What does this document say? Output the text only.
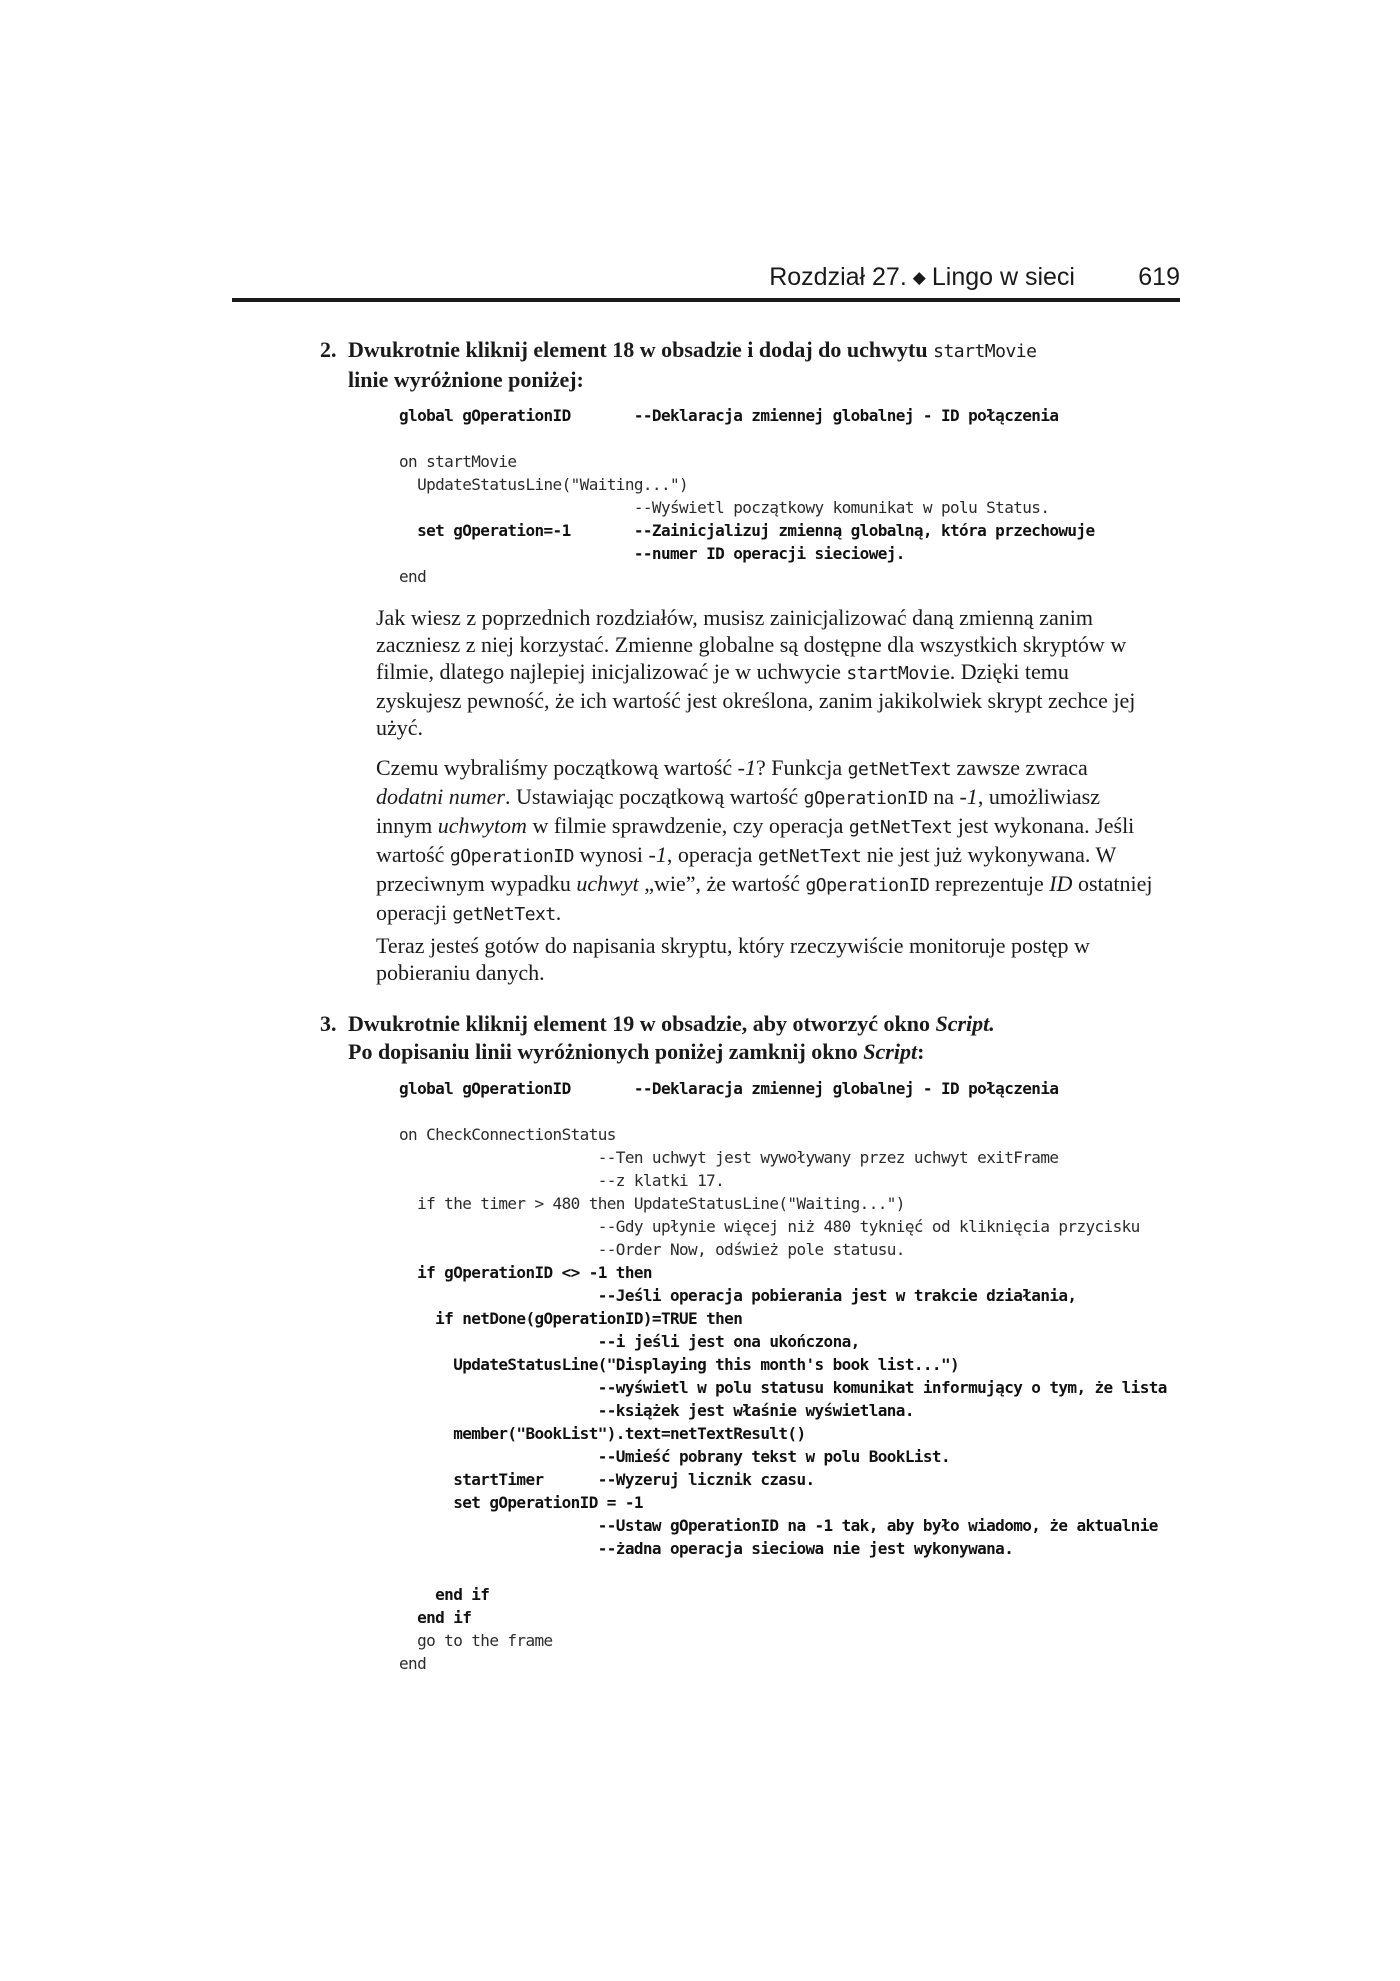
Rozdział 27. ◆ Lingo w sieci	619
2. Dwukrotnie kliknij element 18 w obsadzie i dodaj do uchwytu startMovie
linie wyróżnione poniżej:
global gOperationID       --Deklaracja zmiennej globalnej - ID połączenia
on startMovie
UpdateStatusLine("Waiting...")
--Wyświetl początkowy komunikat w polu Status.
set gOperation=-1       --Zainicjalizuj zmienną globalną, która przechowuje
--numer ID operacji sieciowej.
end

Jak wiesz z poprzednich rozdziałów, musisz zainicjalizować daną zmienną zanim zaczniesz z niej korzystać. Zmienne globalne są dostępne dla wszystkich skryptów w filmie, dlatego najlepiej inicjalizować je w uchwycie startMovie. Dzięki temu zyskujesz pewność, że ich wartość jest określona, zanim jakikolwiek skrypt zechce jej użyć.

Czemu wybraliśmy początkową wartość -1? Funkcja getNetText zawsze zwraca dodatni numer. Ustawiając początkową wartość gOperationID na -1, umożliwiasz innym uchwytom w filmie sprawdzenie, czy operacja getNetText jest wykonana. Jeśli wartość gOperationID wynosi -1, operacja getNetText nie jest już wykonywana. W przeciwnym wypadku uchwyt „wie”, że wartość gOperationID reprezentuje ID ostatniej operacji getNetText.

Teraz jesteś gotów do napisania skryptu, który rzeczywiście monitoruje postęp w pobieraniu danych.

3. Dwukrotnie kliknij element 19 w obsadzie, aby otworzyć okno Script.
Po dopisaniu linii wyróżnionych poniżej zamknij okno Script:
global gOperationID       --Deklaracja zmiennej globalnej - ID połączenia
on CheckConnectionStatus
--Ten uchwyt jest wywoływany przez uchwyt exitFrame
--z klatki 17.
if the timer > 480 then UpdateStatusLine("Waiting...")
--Gdy upłynie więcej niż 480 tyknięć od kliknięcia przycisku
--Order Now, odśwież pole statusu.
if gOperationID <> -1 then
--Jeśli operacja pobierania jest w trakcie działania,
if netDone(gOperationID)=TRUE then
--i jeśli jest ona ukończona,
UpdateStatusLine("Displaying this month's book list...")
--wyświetl w polu statusu komunikat informujący o tym, że lista
--książek jest właśnie wyświetlana.
member("BookList").text=netTextResult()
--Umieść pobrany tekst w polu BookList.
startTimer      --Wyzeruj licznik czasu.
set gOperationID = -1
--Ustaw gOperationID na -1 tak, aby było wiadomo, że aktualnie
--żadna operacja sieciowa nie jest wykonywana.
end if
end if
go to the frame
end
